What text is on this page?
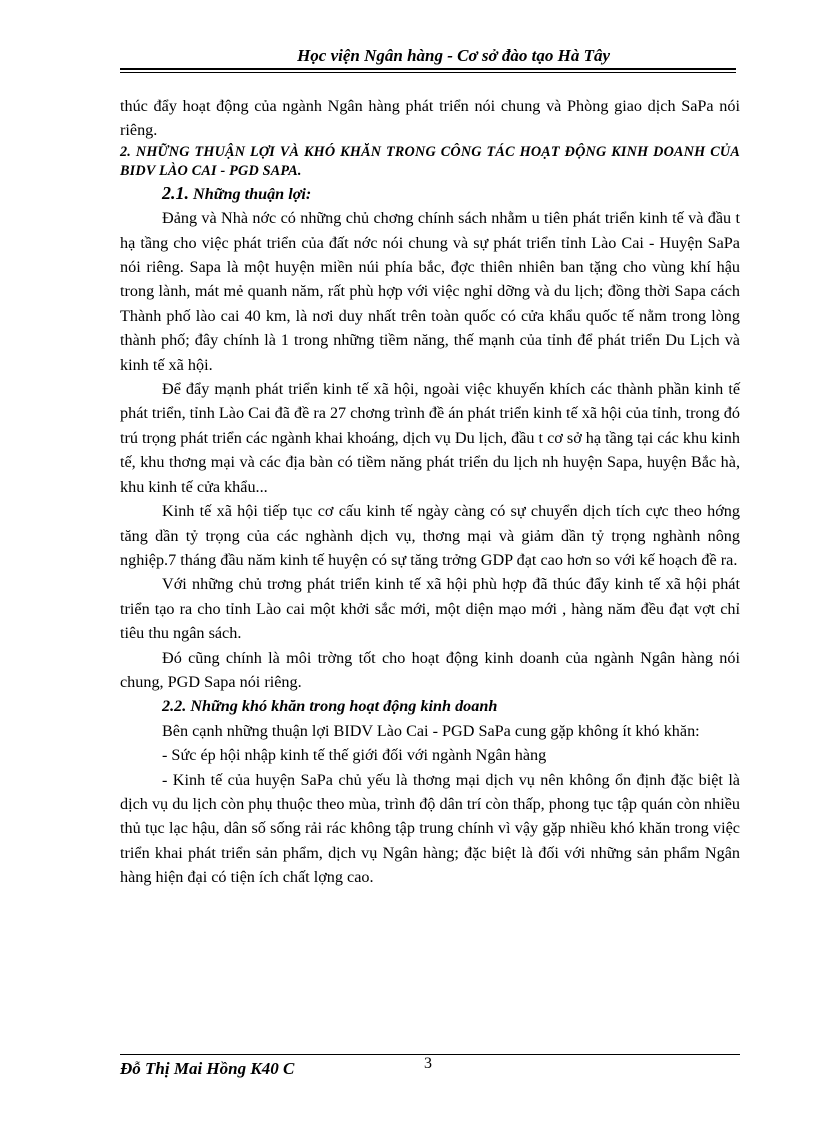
Học viện Ngân hàng - Cơ sở đào tạo Hà Tây

thúc đẩy hoạt động của ngành Ngân hàng phát triển nói chung và Phòng giao dịch SaPa nói riêng.

2. NHỮNG THUẬN LỢI VÀ KHÓ KHĂN TRONG CÔNG TÁC HOẠT ĐỘNG KINH DOANH CỦA BIDV LÀO CAI - PGD SAPA.

2.1. Những thuận lợi:

Đảng và Nhà nớc có những chủ chơng chính sách nhằm u tiên phát triển kinh tế và đầu t hạ tầng cho việc phát triển của đất nớc nói chung và sự phát triển tỉnh Lào Cai - Huyện SaPa nói riêng. Sapa là một huyện miền núi phía bắc, đợc thiên nhiên ban tặng cho vùng khí hậu trong lành, mát mẻ quanh năm, rất phù hợp với việc nghỉ dỡng và du lịch; đồng thời Sapa cách Thành phố lào cai 40 km, là nơi duy nhất trên toàn quốc có cửa khẩu quốc tế nằm trong lòng thành phố; đây chính là 1 trong những tiềm năng, thế mạnh của tỉnh để phát triển Du Lịch và kinh tế xã hội.

Để đẩy mạnh phát triển kinh tế xã hội, ngoài việc khuyến khích các thành phần kinh tế phát triển, tỉnh Lào Cai đã đề ra 27 chơng trình đề án phát triển kinh tế xã hội của tỉnh, trong đó trú trọng phát triển các ngành khai khoáng, dịch vụ Du lịch, đầu t cơ sở hạ tầng tại các khu kinh tế, khu thơng mại và các địa bàn có tiềm năng phát triển du lịch nh huyện Sapa, huyện Bắc hà, khu kinh tế cửa khẩu...

Kinh tế xã hội tiếp tục cơ cấu kinh tế ngày càng có sự chuyển dịch tích cực theo hớng tăng dần tỷ trọng của các nghành dịch vụ, thơng mại và giảm dần tỷ trọng nghành nông nghiệp.7 tháng đầu năm kinh tế huyện có sự tăng trởng GDP đạt cao hơn so với kế hoạch đề ra.

Với những chủ trơng phát triển kinh tế xã hội phù hợp đã thúc đẩy kinh tế xã hội phát triển tạo ra cho tỉnh Lào cai một khởi sắc mới, một diện mạo mới , hàng năm đều đạt vợt chỉ tiêu thu ngân sách.

Đó cũng chính là môi trờng tốt cho hoạt động kinh doanh của ngành Ngân hàng nói chung, PGD Sapa nói riêng.

2.2. Những khó khăn trong hoạt động kinh doanh

Bên cạnh những thuận lợi BIDV Lào Cai - PGD SaPa cung gặp không ít khó khăn:

- Sức ép hội nhập kinh tế thế giới đối với ngành Ngân hàng

- Kinh tế của huyện SaPa chủ yếu là thơng mại dịch vụ nên không ổn định đặc biệt là dịch vụ du lịch còn phụ thuộc theo mùa, trình độ dân trí còn thấp, phong tục tập quán còn nhiều thủ tục lạc hậu, dân số sống rải rác không tập trung chính vì vậy gặp nhiều khó khăn trong việc triển khai phát triển sản phẩm, dịch vụ Ngân hàng; đặc biệt là đối với những sản phẩm Ngân hàng hiện đại có tiện ích chất lợng cao.

Đỗ Thị Mai Hồng K40 C	3
